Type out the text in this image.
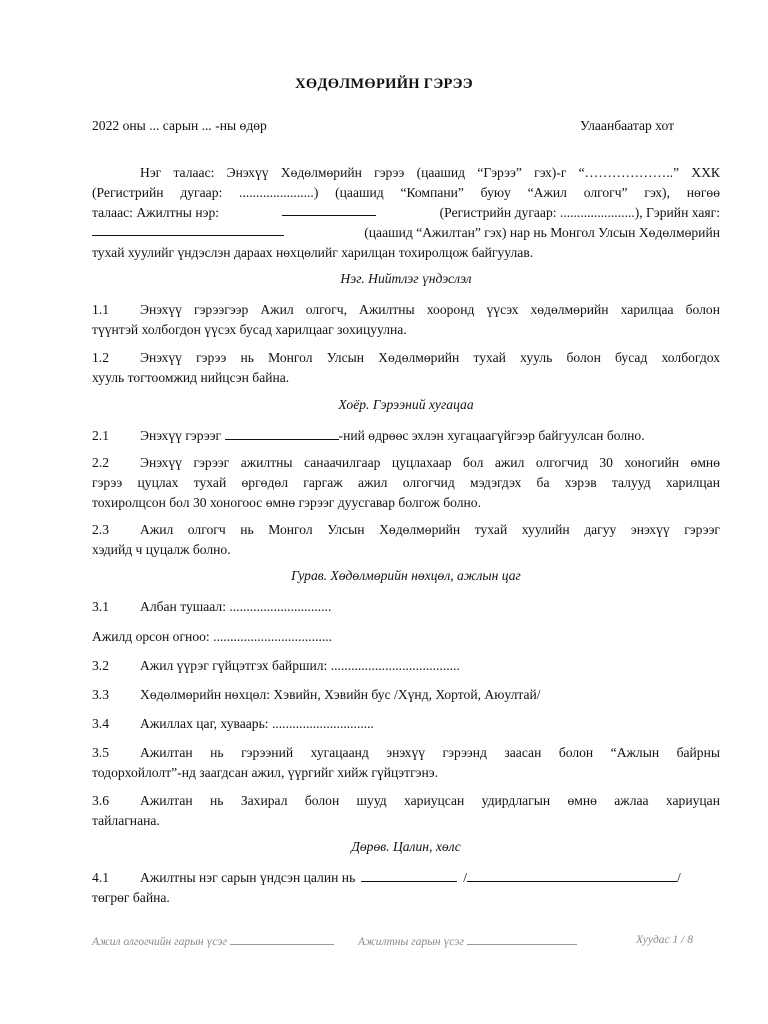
ХӨДӨЛМӨРИЙН ГЭРЭЭ
2022 оны ... сарын ... -ны өдөр	Улаанбаатар хот
Нэг талаас: Энэхүү Хөдөлмөрийн гэрээ (цаашид “Гэрээ” гэх)-г “………………..” ХХК
(Регистрийн дугаар: ......................) (цаашид “Компани” буюу “Ажил олгогч” гэх), нөгөө
талаас: Ажилтны нэр:	(Регистрийн дугаар: ......................), Гэрийн хаяг:
(цаашид “Ажилтан” гэх) нар нь Монгол Улсын Хөдөлмөрийн
тухай хуулийг үндэслэн дараах нөхцөлийг харилцан тохиролцож байгуулав.
Нэг. Нийтлэг үндэслэл
1.1	Энэхүү гэрээгээр Ажил олгогч, Ажилтны хооронд үүсэх хөдөлмөрийн харилцаа болон
түүнтэй холбогдон үүсэх бусад харилцааг зохицуулна.
1.2	Энэхүү гэрээ нь Монгол Улсын Хөдөлмөрийн тухай хууль болон бусад холбогдох
хууль тогтоомжид нийцсэн байна.
Хоёр. Гэрээний хугацаа
2.1	Энэхүү гэрээг	-ний өдрөөс эхлэн хугацаагүйгээр байгуулсан болно.
2.2	Энэхүү гэрээг ажилтны санаачилгаар цуцлахаар бол ажил олгогчид 30 хоногийн өмнө
гэрээ цуцлах тухай өргөдөл гаргаж ажил олгогчид мэдэгдэх ба хэрэв талууд харилцан
тохиролцсон бол 30 хоногоос өмнө гэрээг дуусгавар болгож болно.
2.3	Ажил олгогч нь Монгол Улсын Хөдөлмөрийн тухай хуулийн дагуу энэхүү гэрээг
хэдийд ч цуцалж болно.
Гурав. Хөдөлмөрийн нөхцөл, ажлын цаг
3.1	Албан тушаал: ..............................
Ажилд орсон огноо: ...................................
3.2	Ажил үүрэг гүйцэтгэх байршил: ......................................
3.3	Хөдөлмөрийн нөхцөл: Хэвийн, Хэвийн бус /Хүнд, Хортой, Аюултай/
3.4	Ажиллах цаг, хуваарь: ..............................
3.5	Ажилтан нь гэрээний хугацаанд энэхүү гэрээнд заасан болон “Ажлын байрны
тодорхойлолт”-нд заагдсан ажил, үүргийг хийж гүйцэтгэнэ.
3.6	Ажилтан нь Захирал болон шууд хариуцсан удирдлагын өмнө ажлаа хариуцан
тайлагнана.
Дөрөв. Цалин, хөлс
4.1 Ажилтны нэг сарын үндсэн цалин нь	/	/
төгрөг байна.
Ажил олгогчийн гарын үсэг	Ажилтны гарын үсэг	Хуудас 1 / 8
